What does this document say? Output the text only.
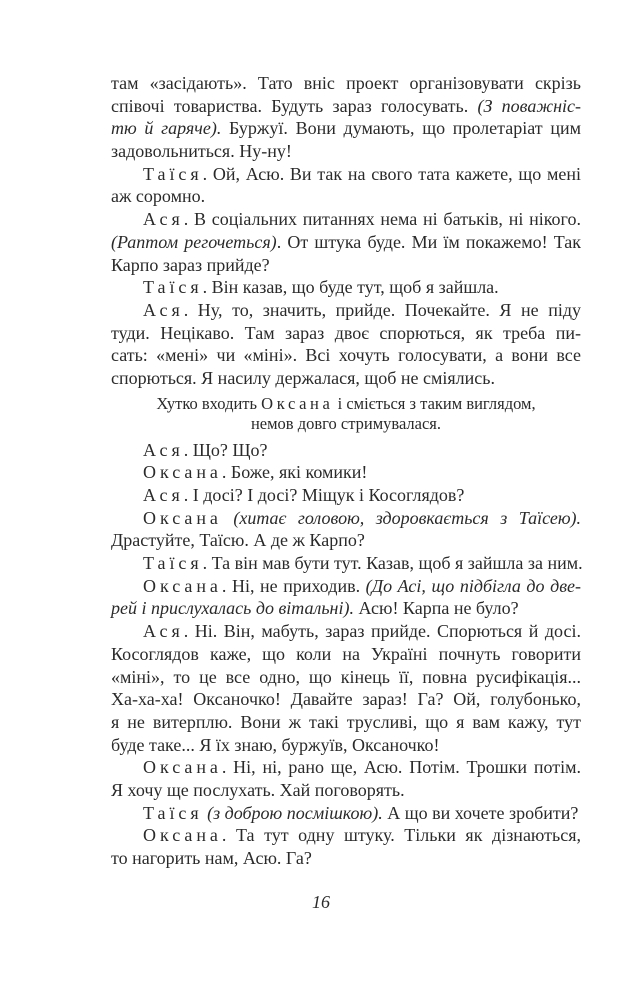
там «засідають». Тато вніс проект організовувати скрізь
співочі товариства. Будуть зараз голосувать. (З поважніс-
тю й гаряче). Буржуї. Вони думають, що пролетаріат цим
задовольниться. Ну-ну!
Таїся. Ой, Асю. Ви так на свого тата кажете, що мені
аж соромно.
Ася. В соціальних питаннях нема ні батьків, ні нікого.
(Раптом регочеться). От штука буде. Ми їм покажемо! Так
Карпо зараз прийде?
Таїся. Він казав, що буде тут, щоб я зайшла.
Ася. Ну, то, значить, прийде. Почекайте. Я не піду
туди. Нецікаво. Там зараз двоє спорються, як треба пи-
сать: «мені» чи «міні». Всі хочуть голосувати, а вони все
спорються. Я насилу держалася, щоб не сміялись.
Хутко входить Оксана і сміється з таким виглядом,
немов довго стримувалася.
Ася. Що? Що?
Оксана. Боже, які комики!
Ася. І досі? І досі? Міщук і Косоглядов?
Оксана (хитає головою, здоровкається з Таїсею).
Драстуйте, Таїсю. А де ж Карпо?
Таїся. Та він мав бути тут. Казав, щоб я зайшла за ним.
Оксана. Ні, не приходив. (До Асі, що підбігла до две-
рей і прислухалась до вітальні). Асю! Карпа не було?
Ася. Ні. Він, мабуть, зараз прийде. Спорються й досі.
Косоглядов каже, що коли на Україні почнуть говорити
«міні», то це все одно, що кінець її, повна русифікація...
Ха-ха-ха! Оксаночко! Давайте зараз! Га? Ой, голубонько,
я не витерплю. Вони ж такі трусливі, що я вам кажу, тут
буде таке... Я їх знаю, буржуїв, Оксаночко!
Оксана. Ні, ні, рано ще, Асю. Потім. Трошки потім.
Я хочу ще послухать. Хай поговорять.
Таїся (з доброю посмішкою). А що ви хочете зробити?
Оксана. Та тут одну штуку. Тільки як дізнаються,
то нагорить нам, Асю. Га?
16
